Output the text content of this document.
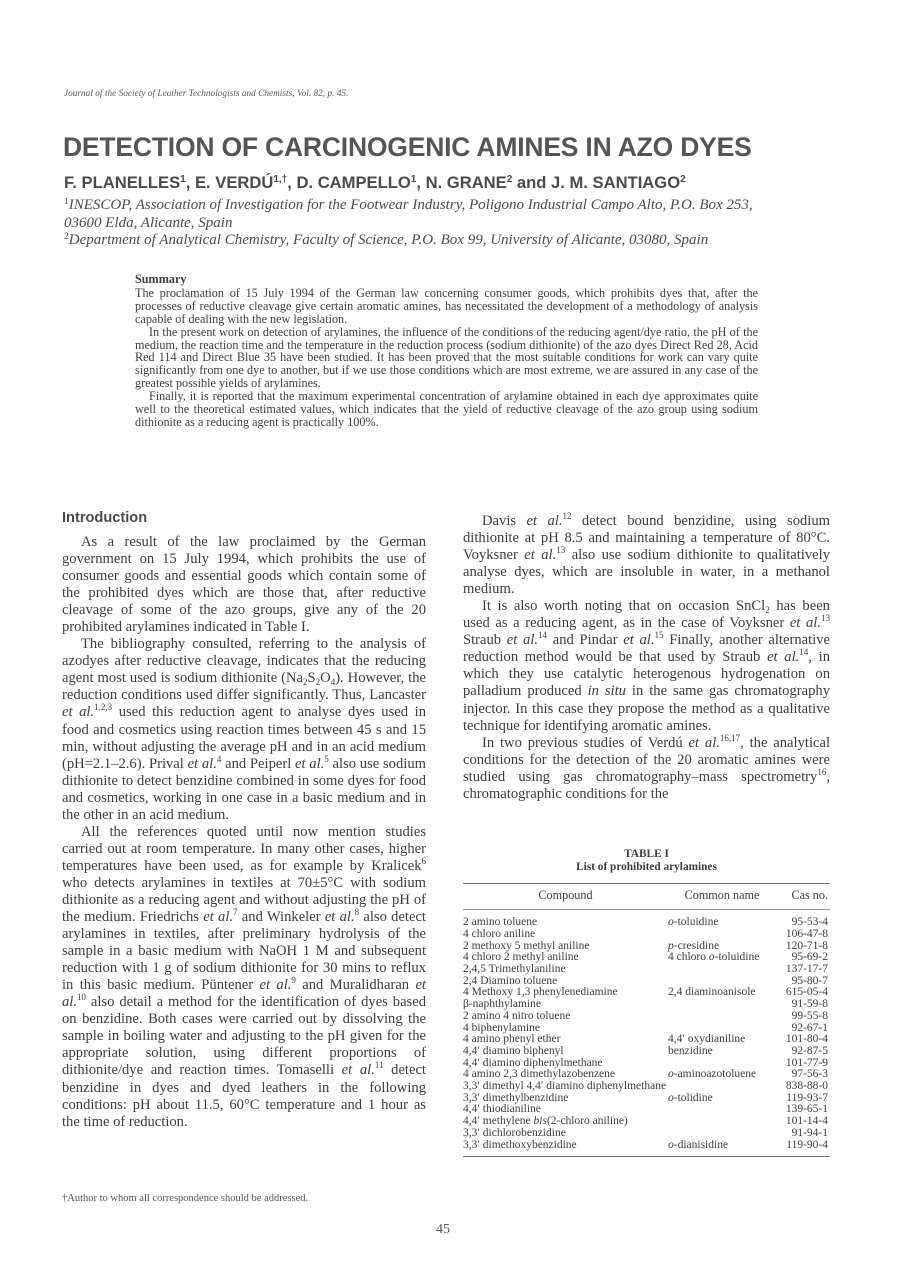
Journal of the Society of Leather Technologists and Chemists, Vol. 82, p. 45.
DETECTION OF CARCINOGENIC AMINES IN AZO DYES
F. PLANELLES$^1$, E. $VERDÚ^{1,\dagger}$, D. CAMPELLO$^1$, N. GRANE$^2$ and J. M. SANTIAGO$^2$
$^1$INESCOP, Association of Investigation for the Footwear Industry, Poligono Industrial Campo Alto, P.O. Box 253,
03600 Elda, Alicante, Spain
$^2$Department of Analytical Chemistry, Faculty of Science, P.O. Box 99, University of Alicante, 03080, Spain
Summary

The proclamation of 15 July 1994 of the German law concerning consumer goods, which prohibits dyes that, after the processes of reductive cleavage give certain aromatic amines, has necessitated the development of a methodology of analysis capable of dealing with the new legislation.

In the present work on detection of arylamines, the influence of the conditions of the reducing agent/dye ratio, the pH of the medium, the reaction time and the temperature in the reduction process (sodium dithionite) of the azo dyes Direct Red 28, Acid Red 114 and Direct Blue 35 have been studied. It has been proved that the most suitable conditions for work can vary quite significantly from one dye to another, but if we use those conditions which are most extreme, we are assured in any case of the greatest possible yields of arylamines.

Finally, it is reported that the maximum experimental concentration of arylamine obtained in each dye approximates quite well to the theoretical estimated values, which indicates that the yield of reductive cleavage of the azo group using sodium dithionite as a reducing agent is practically 100%.

Introduction

As a result of the law proclaimed by the German government on 15 July 1994, which prohibits the use of consumer goods and essential goods which contain some of the prohibited dyes which are those that, after reductive cleavage of some of the azo groups, give any of the 20 prohibited arylamines indicated in Table I.

The bibliography consulted, referring to the analysis of azodyes after reductive cleavage, indicates that the reducing agent most used is sodium dithionite $(Na_2S_2O_4)$. However, the reduction conditions used differ significantly. Thus, Lancaster et al.$^{1,2,3}$ used this reduction agent to analyse dyes used in food and cosmetics using reaction times between 45 s and 15 min, without adjusting the average pH and in an acid medium (pH=2.1–2.6). Prival et al.$^4$ and Peiperl et al.$^5$ also use sodium dithionite to detect benzidine combined in some dyes for food and cosmetics, working in one case in a basic medium and in the other in an acid medium.

All the references quoted until now mention studies carried out at room temperature. In many other cases, higher temperatures have been used, as for example by Kralicek$^6$ who detects arylamines in textiles at 70±5°C with sodium dithionite as a reducing agent and without adjusting the pH of the medium. Friedrichs et al.$^7$ and Winkeler et al.$^8$ also detect arylamines in textiles, after preliminary hydrolysis of the sample in a basic medium with NaOH 1 M and subsequent reduction with 1 g of sodium dithionite for 30 mins to reflux in this basic medium. Püntener et al.$^9$ and Muralidharan et al.$^{10}$ also detail a method for the identification of dyes based on benzidine. Both cases were carried out by dissolving the sample in boiling water and adjusting to the pH given for the appropriate solution, using different proportions of dithionite/dye and reaction times. Tomaselli et al.$^{11}$ detect benzidine in dyes and dyed leathers in the following conditions: pH about 11.5, 60°C temperature and 1 hour as the time of reduction.

Davis et al.$^{12}$ detect bound benzidine, using sodium dithionite at pH 8.5 and maintaining a temperature of 80°C. Voyksner et al.$^{13}$ also use sodium dithionite to qualitatively analyse dyes, which are insoluble in water, in a methanol medium.

It is also worth noting that on occasion SnCl$_2$ has been used as a reducing agent, as in the case of Voyksner et al.$^{13}$ Straub et al.$^{14}$ and Pindar et al.$^{15}$ Finally, another alternative reduction method would be that used by Straub et al.$^{14}$, in which they use catalytic heterogenous hydrogenation on palladium produced in situ in the same gas chromatography injector. In this case they propose the method as a qualitative technique for identifying aromatic amines.

In two previous studies of Verdú et al.$^{16,17}$, the analytical conditions for the detection of the 20 aromatic amines were studied using gas chromatography–mass spectrometry$^{16}$, chromatographic conditions for the

TABLE I
List of prohibited arylamines
Compound	Common name	Cas no.
2 amino toluene	o-toluidine	95-53-4
4 chloro aniline		106-47-8
2 methoxy 5 methyl aniline	p-cresidine	120-71-8
4 chloro 2 methyl aniline	4 chloro o-toluidine	95-69-2
2,4,5 Trimethylaniline		137-17-7
2,4 Diamino toluene		95-80-7
4 Methoxy 1,3 phenylenediamine	2,4 diaminoanisole	615-05-4
β-naphthylamine		91-59-8
2 amino 4 nitro toluene		99-55-8
4 biphenylamine		92-67-1
4 amino phenyl ether	4,4′ oxydianiline	101-80-4
4,4′ diamino biphenyl	benzidine	92-87-5
4,4′ diamino diphenylmethane		101-77-9
4 amino 2,3 dimethylazobenzene	o-aminoazotoluene	97-56-3
3,3′ dimethyl 4,4′ diamino diphenylmethane		838-88-0
3,3′ dimethylbenzidine	o-tolidine	119-93-7
4,4′ thiodianiline		139-65-1
4,4′ methylene bis(2-chloro aniline)		101-14-4
3,3′ dichlorobenzidine		91-94-1
3,3′ dimethoxybenzidine	o-dianisidine	119-90-4
†Author to whom all correspondence should be addressed.
45
